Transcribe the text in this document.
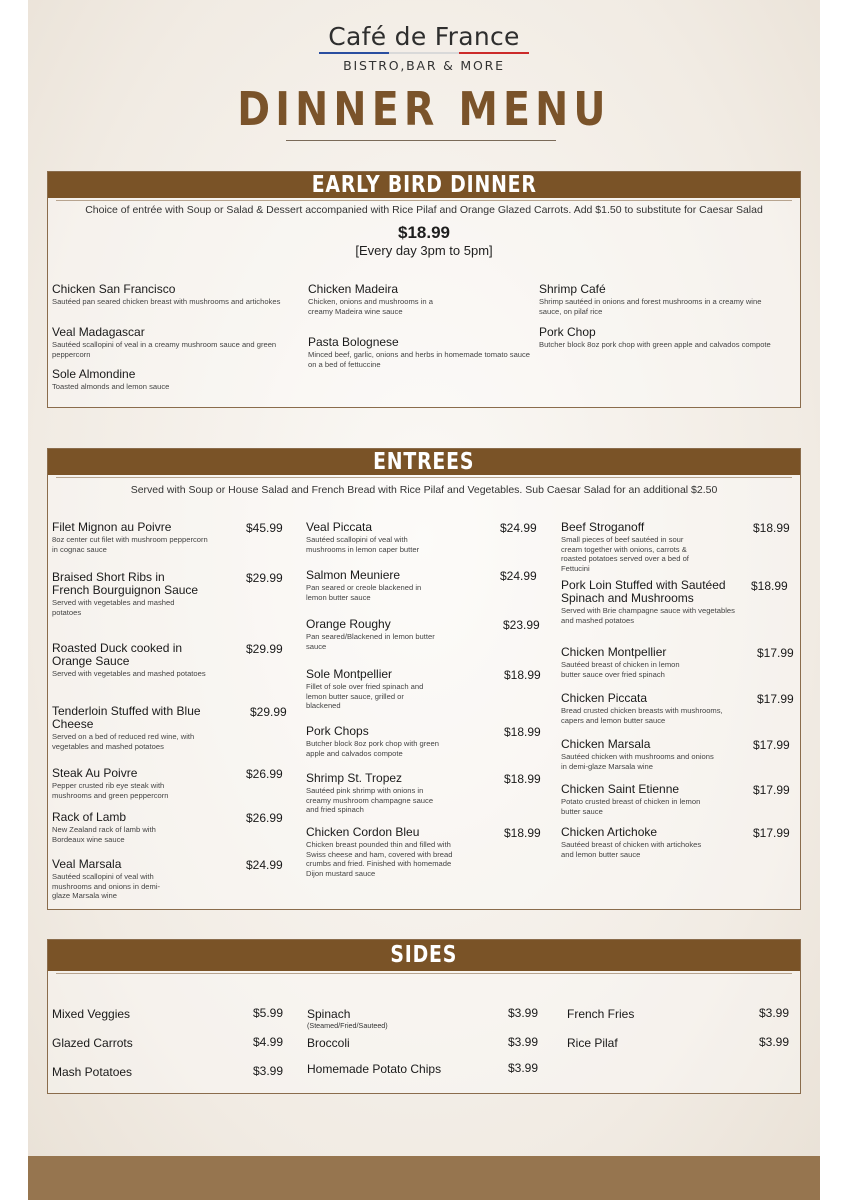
Café de France
BISTRO,BAR & MORE
DINNER MENU
EARLY BIRD DINNER
Choice of entrée with Soup or Salad & Dessert accompanied with Rice Pilaf and Orange Glazed Carrots. Add $1.50 to substitute for Caesar Salad
$18.99
[Every day 3pm to 5pm]
Chicken San Francisco
Sautéed pan seared chicken breast with mushrooms and artichokes
Veal Madagascar
Sautéed scallopini of veal in a creamy mushroom sauce and green peppercorn
Sole Almondine
Toasted almonds and lemon sauce
Chicken Madeira
Chicken, onions and mushrooms in a creamy Madeira wine sauce
Pasta Bolognese
Minced beef, garlic, onions and herbs in homemade tomato sauce on a bed of fettuccine
Shrimp Café
Shrimp sautéed in onions and forest mushrooms in a creamy wine sauce, on pilaf rice
Pork Chop
Butcher block 8oz pork chop with green apple and calvados compote
ENTREES
Served with Soup or House Salad and French Bread with Rice Pilaf and Vegetables. Sub Caesar Salad for an additional $2.50
Filet Mignon au Poivre
8oz center cut filet with mushroom peppercorn in cognac sauce
$45.99
Braised Short Ribs in French Bourguignon Sauce
Served with vegetables and mashed potatoes
$29.99
Roasted Duck cooked in Orange Sauce
Served with vegetables and mashed potatoes
$29.99
Tenderloin Stuffed with Blue Cheese
Served on a bed of reduced red wine, with vegetables and mashed potatoes
$29.99
Steak Au Poivre
Pepper crusted rib eye steak with mushrooms and green peppercorn
$26.99
Rack of Lamb
New Zealand rack of lamb with Bordeaux wine sauce
$26.99
Veal Marsala
Sautéed scallopini of veal with mushrooms and onions in demi-glaze Marsala wine
$24.99
Veal Piccata
Sautéed scallopini of veal with mushrooms in lemon caper butter
$24.99
Salmon Meuniere
Pan seared or creole blackened in lemon butter sauce
$24.99
Orange Roughy
Pan seared/Blackened in lemon butter sauce
$23.99
Sole Montpellier
Fillet of sole over fried spinach and lemon butter sauce, grilled or blackened
$18.99
Pork Chops
Butcher block 8oz pork chop with green apple and calvados compote
$18.99
Shrimp St. Tropez
Sautéed pink shrimp with onions in creamy mushroom champagne sauce and fried spinach
$18.99
Chicken Cordon Bleu
Chicken breast pounded thin and filled with Swiss cheese and ham, covered with bread crumbs and fried. Finished with homemade Dijon mustard sauce
$18.99
Beef Stroganoff
Small pieces of beef sautéed in sour cream together with onions, carrots & roasted potatoes served over a bed of Fettucini
$18.99
Pork Loin Stuffed with Sautéed Spinach and Mushrooms
Served with Brie champagne sauce with vegetables and mashed potatoes
$18.99
Chicken Montpellier
Sautéed breast of chicken in lemon butter sauce over fried spinach
$17.99
Chicken Piccata
Bread crusted chicken breasts with mushrooms, capers and lemon butter sauce
$17.99
Chicken Marsala
Sautéed chicken with mushrooms and onions in demi-glaze Marsala wine
$17.99
Chicken Saint Etienne
Potato crusted breast of chicken in lemon butter sauce
$17.99
Chicken Artichoke
Sautéed breast of chicken with artichokes and lemon butter sauce
$17.99
SIDES
Mixed Veggies	$5.99
Glazed Carrots	$4.99
Mash Potatoes	$3.99
Spinach
(Steamed/Fried/Sauteed)
$3.99
Broccoli	$3.99
Homemade Potato Chips	$3.99
French Fries	$3.99
Rice Pilaf	$3.99
